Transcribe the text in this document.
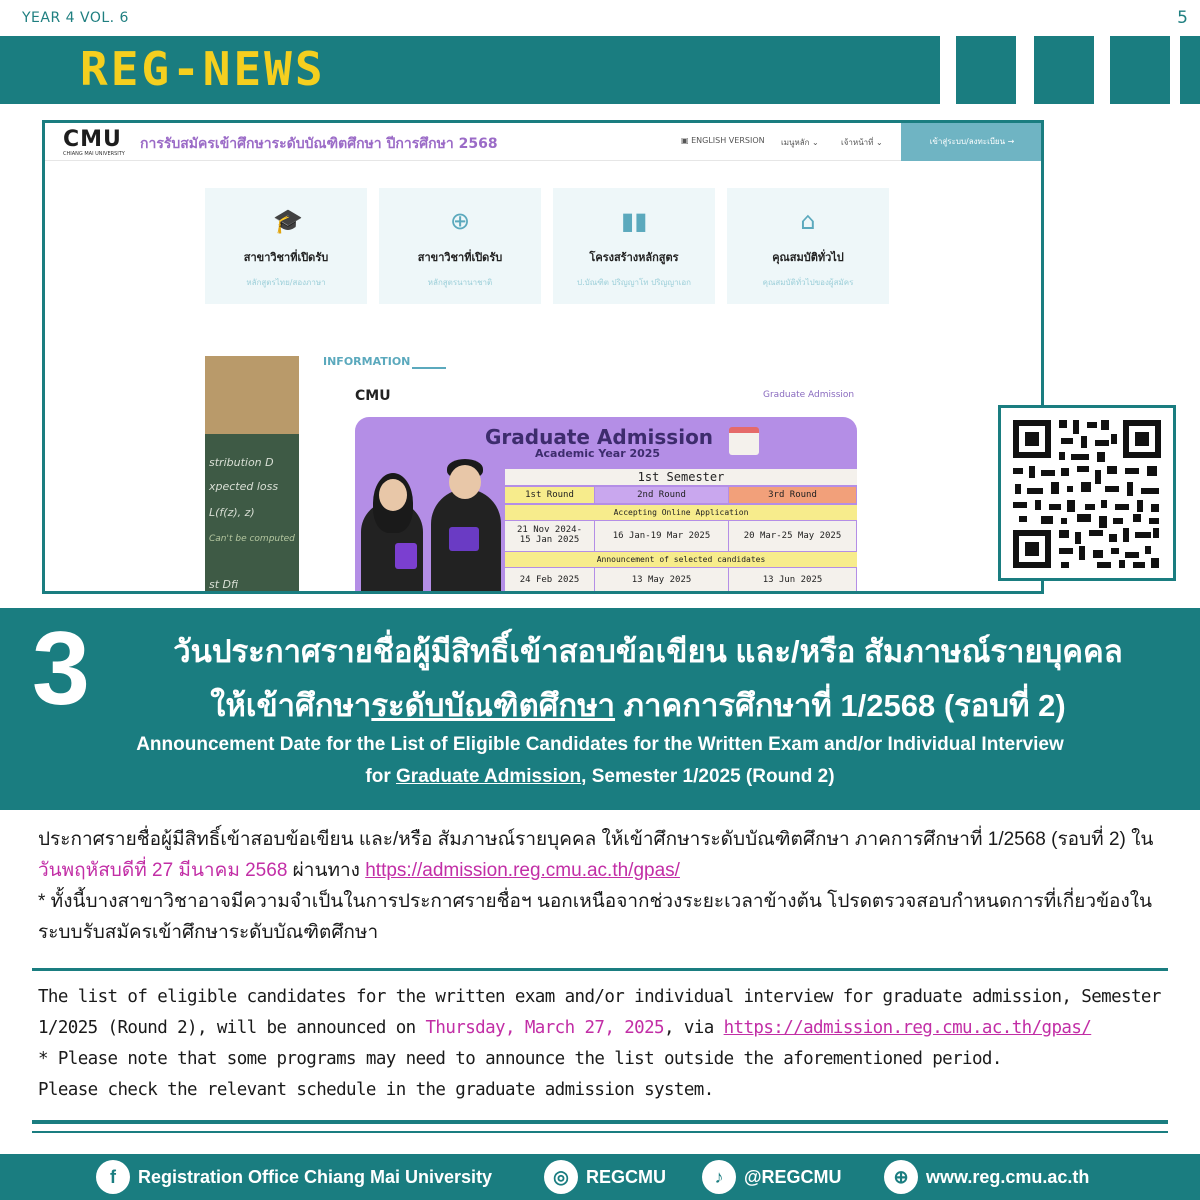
YEAR 4 VOL. 6	5
REG-NEWS
CMU
CHIANG MAI UNIVERSITY
การรับสมัครเข้าศึกษาระดับบัณฑิตศึกษา ปีการศึกษา 2568	▣ ENGLISH VERSION เมนูหลัก ⌄	เจ้าหน้าที่ ⌄	เข้าสู่ระบบ/ลงทะเบียน →
🎓
สาขาวิชาที่เปิดรับ
หลักสูตรไทย/สองภาษา
⊕
สาขาวิชาที่เปิดรับ
หลักสูตรนานาชาติ
▮▮
โครงสร้างหลักสูตร
ป.บัณฑิต ปริญญาโท ปริญญาเอก
⌂
คุณสมบัติทั่วไป
คุณสมบัติทั่วไปของผู้สมัคร
stribution D
xpected loss
L(f(z), z)
Can't be computed
st Dfi
INFORMATION
CMU	Graduate Admission
Graduate Admission
Academic Year 2025
1st Semester
1st Round	2nd Round	3rd Round
Accepting Online Application
21 Nov 2024-
15 Jan 2025	16 Jan-19 Mar 2025	20 Mar-25 May 2025
Announcement of selected candidates
24 Feb 2025	13 May 2025	13 Jun 2025
3	วันประกาศรายชื่อผู้มีสิทธิ์เข้าสอบข้อเขียน และ/หรือ สัมภาษณ์รายบุคคล
ให้เข้าศึกษาระดับบัณฑิตศึกษา ภาคการศึกษาที่ 1/2568 (รอบที่ 2)
Announcement Date for the List of Eligible Candidates for the Written Exam and/or Individual Interview
for Graduate Admission, Semester 1/2025 (Round 2)
ประกาศรายชื่อผู้มีสิทธิ์เข้าสอบข้อเขียน และ/หรือ สัมภาษณ์รายบุคคล ให้เข้าศึกษาระดับบัณฑิตศึกษา ภาคการศึกษาที่ 1/2568 (รอบที่ 2) ในวันพฤหัสบดีที่ 27 มีนาคม 2568 ผ่านทาง https://admission.reg.cmu.ac.th/gpas/
* ทั้งนี้บางสาขาวิชาอาจมีความจำเป็นในการประกาศรายชื่อฯ นอกเหนือจากช่วงระยะเวลาข้างต้น โปรดตรวจสอบกำหนดการที่เกี่ยวข้องในระบบรับสมัครเข้าศึกษาระดับบัณฑิตศึกษา
The list of eligible candidates for the written exam and/or individual interview for graduate admission, Semester 1/2025 (Round 2), will be announced on Thursday, March 27, 2025, via https://admission.reg.cmu.ac.th/gpas/
* Please note that some programs may need to announce the list outside the aforementioned period.
Please check the relevant schedule in the graduate admission system.
f	Registration Office Chiang Mai University	◎ REGCMU	♪	@REGCMU	⊕ www.reg.cmu.ac.th
